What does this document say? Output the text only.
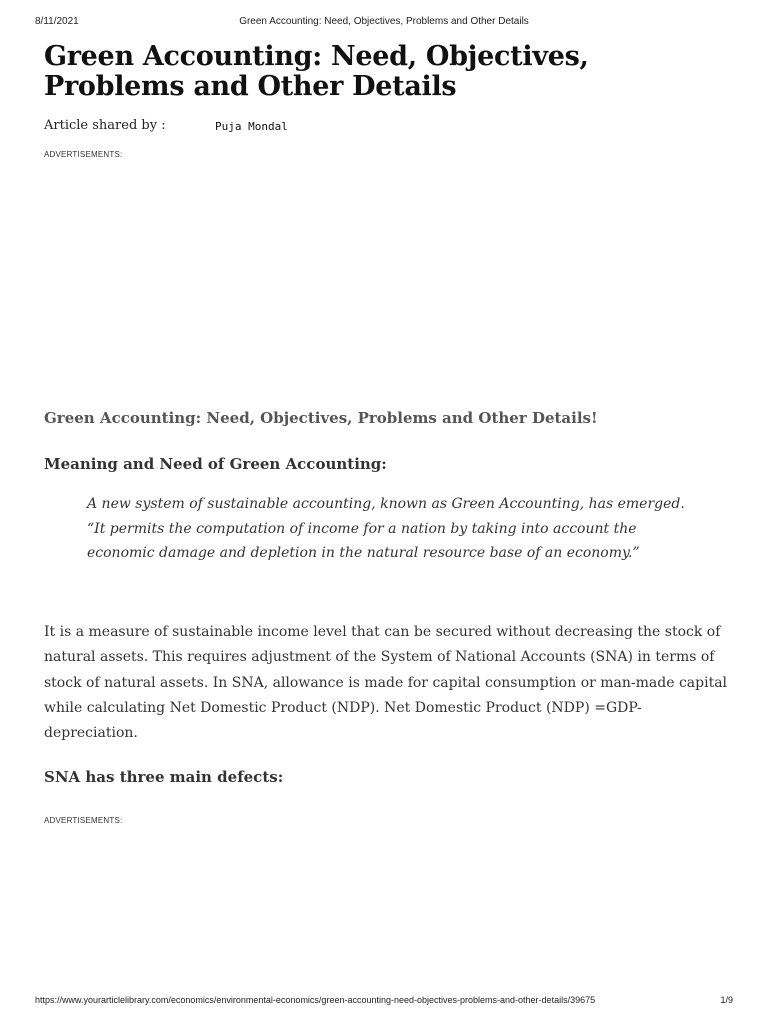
8/11/2021	Green Accounting: Need, Objectives, Problems and Other Details
Green Accounting: Need, Objectives, Problems and Other Details
Article shared by :	Puja Mondal
ADVERTISEMENTS:
Green Accounting: Need, Objectives, Problems and Other Details!
Meaning and Need of Green Accounting:
A new system of sustainable accounting, known as Green Accounting, has emerged. “It permits the computation of income for a nation by taking into account the economic damage and depletion in the natural resource base of an economy.”

It is a measure of sustainable income level that can be secured without decreasing the stock of natural assets. This requires adjustment of the System of National Accounts (SNA) in terms of stock of natural assets. In SNA, allowance is made for capital consumption or man-made capital while calculating Net Domestic Product (NDP). Net Domestic Product (NDP) =GDP-depreciation.

SNA has three main defects:
ADVERTISEMENTS:
https://www.yourarticlelibrary.com/economics/environmental-economics/green-accounting-need-objectives-problems-and-other-details/39675	1/9
